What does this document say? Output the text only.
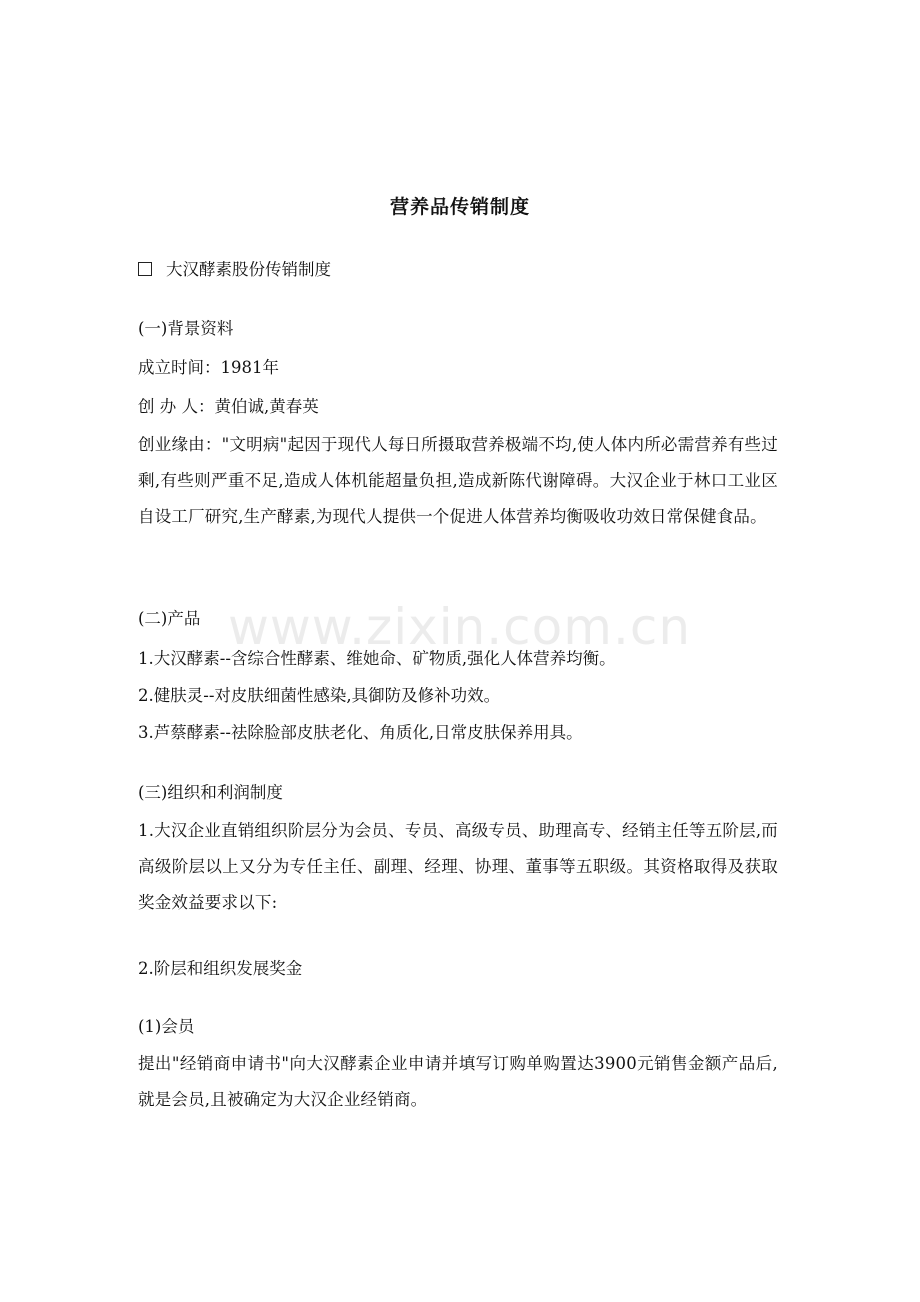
www.zixin.com.cn
营养品传销制度
大汉酵素股份传销制度
(一)背景资料
成立时间：1981年
创 办 人：黄伯诚,黄春英
创业缘由："文明病"起因于现代人每日所摄取营养极端不均,使人体内所必需营养有些过剩,有些则严重不足,造成人体机能超量负担,造成新陈代谢障碍。大汉企业于林口工业区自设工厂研究,生产酵素,为现代人提供一个促进人体营养均衡吸收功效日常保健食品。
(二)产品
1.大汉酵素--含综合性酵素、维她命、矿物质,强化人体营养均衡。
2.健肤灵--对皮肤细菌性感染,具御防及修补功效。
3.芦蔡酵素--祛除脸部皮肤老化、角质化,日常皮肤保养用具。
(三)组织和利润制度
1.大汉企业直销组织阶层分为会员、专员、高级专员、助理高专、经销主任等五阶层,而高级阶层以上又分为专任主任、副理、经理、协理、董事等五职级。其资格取得及获取奖金效益要求以下:
2.阶层和组织发展奖金
(1)会员
提出"经销商申请书"向大汉酵素企业申请并填写订购单购置达3900元销售金额产品后,就是会员,且被确定为大汉企业经销商。
